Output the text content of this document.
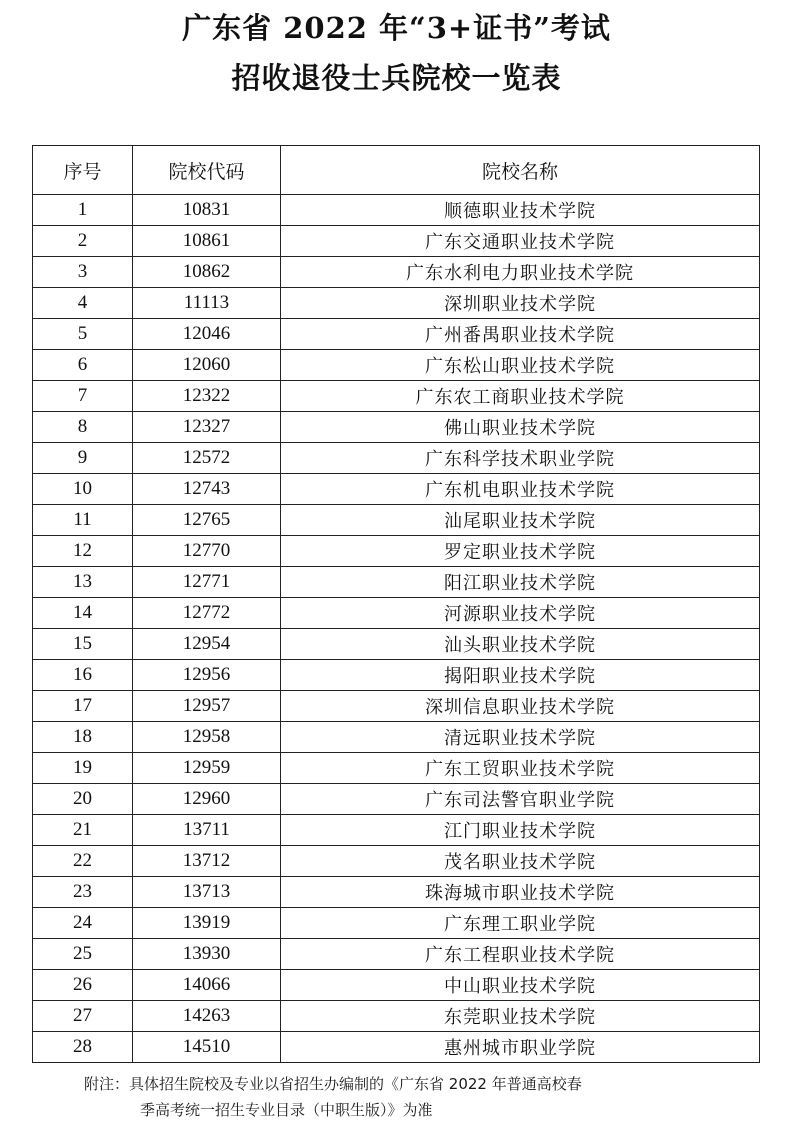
广东省 2022 年“3+证书”考试
招收退役士兵院校一览表
序号	院校代码	院校名称
1	10831	顺德职业技术学院
2	10861	广东交通职业技术学院
3	10862	广东水利电力职业技术学院
4	11113	深圳职业技术学院
5	12046	广州番禺职业技术学院
6	12060	广东松山职业技术学院
7	12322	广东农工商职业技术学院
8	12327	佛山职业技术学院
9	12572	广东科学技术职业学院
10	12743	广东机电职业技术学院
11	12765	汕尾职业技术学院
12	12770	罗定职业技术学院
13	12771	阳江职业技术学院
14	12772	河源职业技术学院
15	12954	汕头职业技术学院
16	12956	揭阳职业技术学院
17	12957	深圳信息职业技术学院
18	12958	清远职业技术学院
19	12959	广东工贸职业技术学院
20	12960	广东司法警官职业学院
21	13711	江门职业技术学院
22	13712	茂名职业技术学院
23	13713	珠海城市职业技术学院
24	13919	广东理工职业学院
25	13930	广东工程职业技术学院
26	14066	中山职业技术学院
27	14263	东莞职业技术学院
28	14510	惠州城市职业学院
附注：具体招生院校及专业以省招生办编制的《广东省 2022 年普通高校春
季高考统一招生专业目录（中职生版）》为准
